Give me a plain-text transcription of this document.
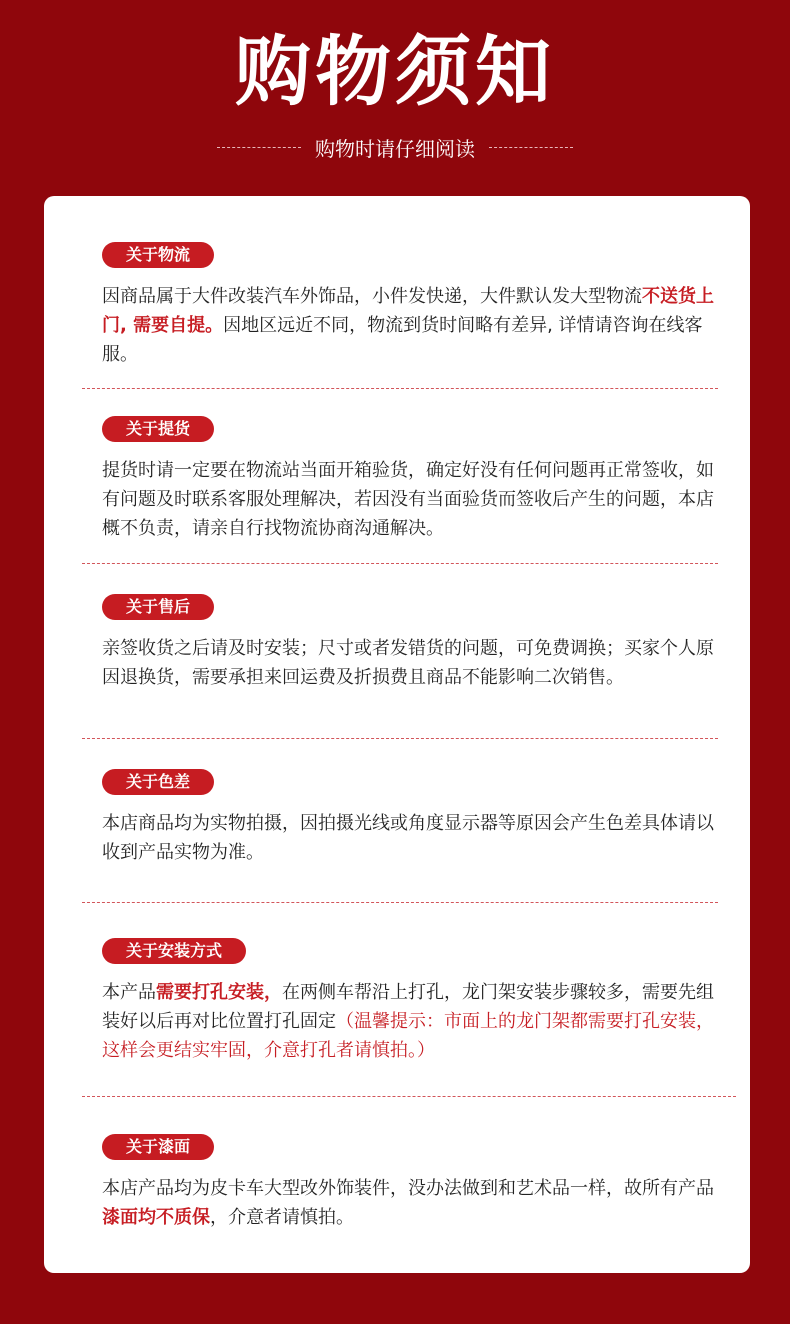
购物须知
购物时请仔细阅读
关于物流
因商品属于大件改装汽车外饰品，小件发快递，大件默认发大型物流不送货上门, 需要自提。因地区远近不同，物流到货时间略有差异, 详情请咨询在线客服。
关于提货
提货时请一定要在物流站当面开箱验货，确定好没有任何问题再正常签收，如有问题及时联系客服处理解决，若因没有当面验货而签收后产生的问题，本店概不负责，请亲自行找物流协商沟通解决。
关于售后
亲签收货之后请及时安装；尺寸或者发错货的问题，可免费调换；买家个人原因退换货，需要承担来回运费及折损费且商品不能影响二次销售。
关于色差
本店商品均为实物拍摄，因拍摄光线或角度显示器等原因会产生色差具体请以收到产品实物为准。
关于安装方式
本产品需要打孔安装，在两侧车帮沿上打孔，龙门架安装步骤较多，需要先组装好以后再对比位置打孔固定（温馨提示：市面上的龙门架都需要打孔安装，这样会更结实牢固，介意打孔者请慎拍。）
关于漆面
本店产品均为皮卡车大型改外饰装件，没办法做到和艺术品一样，故所有产品漆面均不质保，介意者请慎拍。
